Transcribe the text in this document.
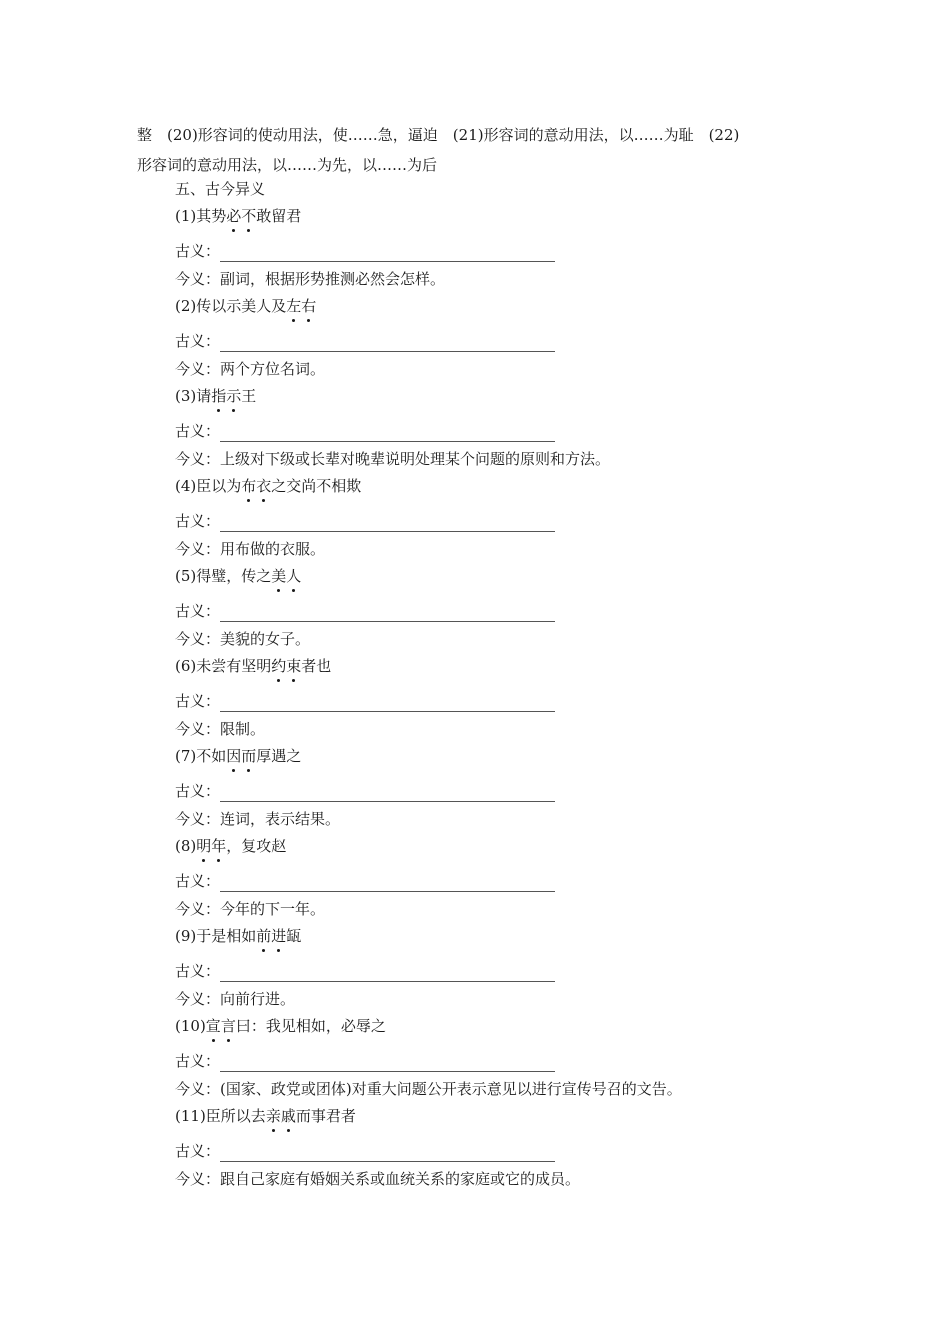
整　(20)形容词的使动用法，使……急，逼迫　(21)形容词的意动用法，以……为耻　(22)
形容词的意动用法，以……为先，以……为后
五、古今异义
(1)其势必不敢留君
古义：
今义：副词，根据形势推测必然会怎样。
(2)传以示美人及左右
古义：
今义：两个方位名词。
(3)请指示王
古义：
今义：上级对下级或长辈对晚辈说明处理某个问题的原则和方法。
(4)臣以为布衣之交尚不相欺
古义：
今义：用布做的衣服。
(5)得璧，传之美人
古义：
今义：美貌的女子。
(6)未尝有坚明约束者也
古义：
今义：限制。
(7)不如因而厚遇之
古义：
今义：连词，表示结果。
(8)明年，复攻赵
古义：
今义：今年的下一年。
(9)于是相如前进缻
古义：
今义：向前行进。
(10)宣言曰：我见相如，必辱之
古义：
今义：(国家、政党或团体)对重大问题公开表示意见以进行宣传号召的文告。
(11)臣所以去亲戚而事君者
古义：
今义：跟自己家庭有婚姻关系或血统关系的家庭或它的成员。
